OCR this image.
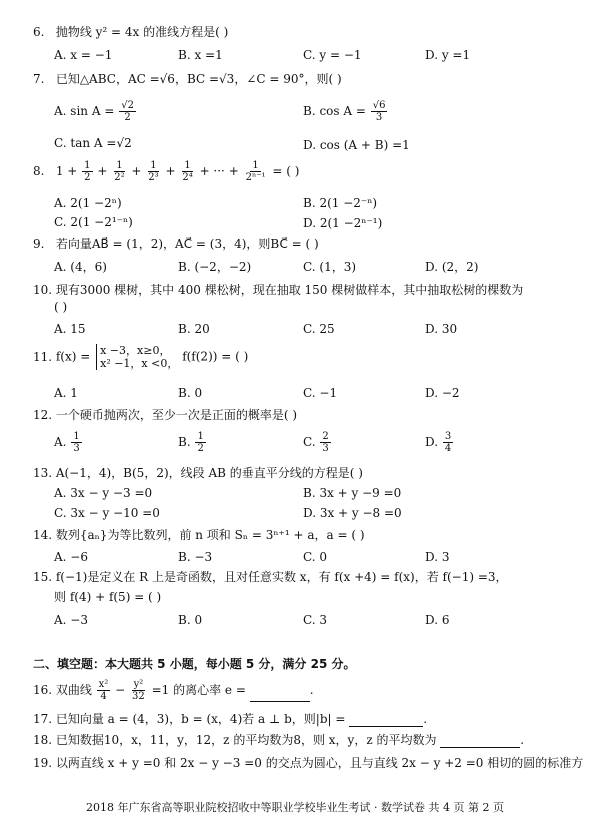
6. 抛物线 y² = 4x 的准线方程是( )
A. x = −1	B. x =1	C. y = −1	D. y =1
7. 已知△ABC，AC =√6，BC =√3，∠C = 90°，则( )
A. $\sin A = \frac{√2}{2}$	B. $\cos A = \frac{√6}{3}$
C. tan A =√2	D. cos (A + B) =1
8. $1 + \frac{1}{2} + \frac{1}{\text{2²}} + \frac{1}{\text{2³}} + \frac{1}{\text{2⁴}}$ + ··· + $\frac{1}{\text{2ⁿ⁻¹}}$ = ( )
A. 2(1 −2ⁿ)	B. 2(1 −2⁻ⁿ)
C. 2(1 −2¹⁻ⁿ)	D. 2(1 −2ⁿ⁻¹)
9. 若向量AB⃗ = (1，2)，AC⃗ = (3，4)，则BC⃗ = ( )
A. (4，6)	B. (−2，−2)	C. (1，3)	D. (2，2)
10. 现有3000 棵树，其中 400 棵松树，现在抽取 150 棵树做样本，其中抽取松树的棵数为
( )
A. 15	B. 20	C. 25	D. 30
11. f(x) = x −3，x≥0，
x² −1，x <0， f(f(2)) = ( )
A. 1	B. 0	C. −1	D. −2
12. 一个硬币抛两次，至少一次是正面的概率是( )
A. $\frac{1}{3}$	B. $\frac{1}{2}$	C. $\frac{2}{3}$	D. $\frac{3}{4}$
13. A(−1，4)，B(5，2)，线段 AB 的垂直平分线的方程是( )
A. 3x − y −3 =0	B. 3x + y −9 =0
C. 3x − y −10 =0	D. 3x + y −8 =0
14. 数列{aₙ}为等比数列，前 n 项和 Sₙ = 3ⁿ⁺¹ + a，a = ( )
A. −6	B. −3	C. 0	D. 3
15. f(−1)是定义在 R 上是奇函数，且对任意实数 x，有 f(x +4) = f(x)，若 f(−1) =3，
则 f(4) + f(5) = ( )
A. −3	B. 0	C. 3	D. 6
二、填空题：本大题共 5 小题，每小题 5 分，满分 25 分。
16. 双曲线 $\frac{\text{x²}}{4} - \frac{\text{y²}}{32} =1$ 的离心率 e =	.
17. 已知向量 a = (4，3)，b = (x，4)若 a ⊥ b，则|b| =	.
18. 已知数据10，x，11，y，12，z 的平均数为8，则 x，y，z 的平均数为	.
19. 以两直线 x + y =0 和 2x − y −3 =0 的交点为圆心，且与直线 2x − y +2 =0 相切的圆的标准方
2018 年广东省高等职业院校招收中等职业学校毕业生考试 · 数学试卷 共 4 页 第 2 页
